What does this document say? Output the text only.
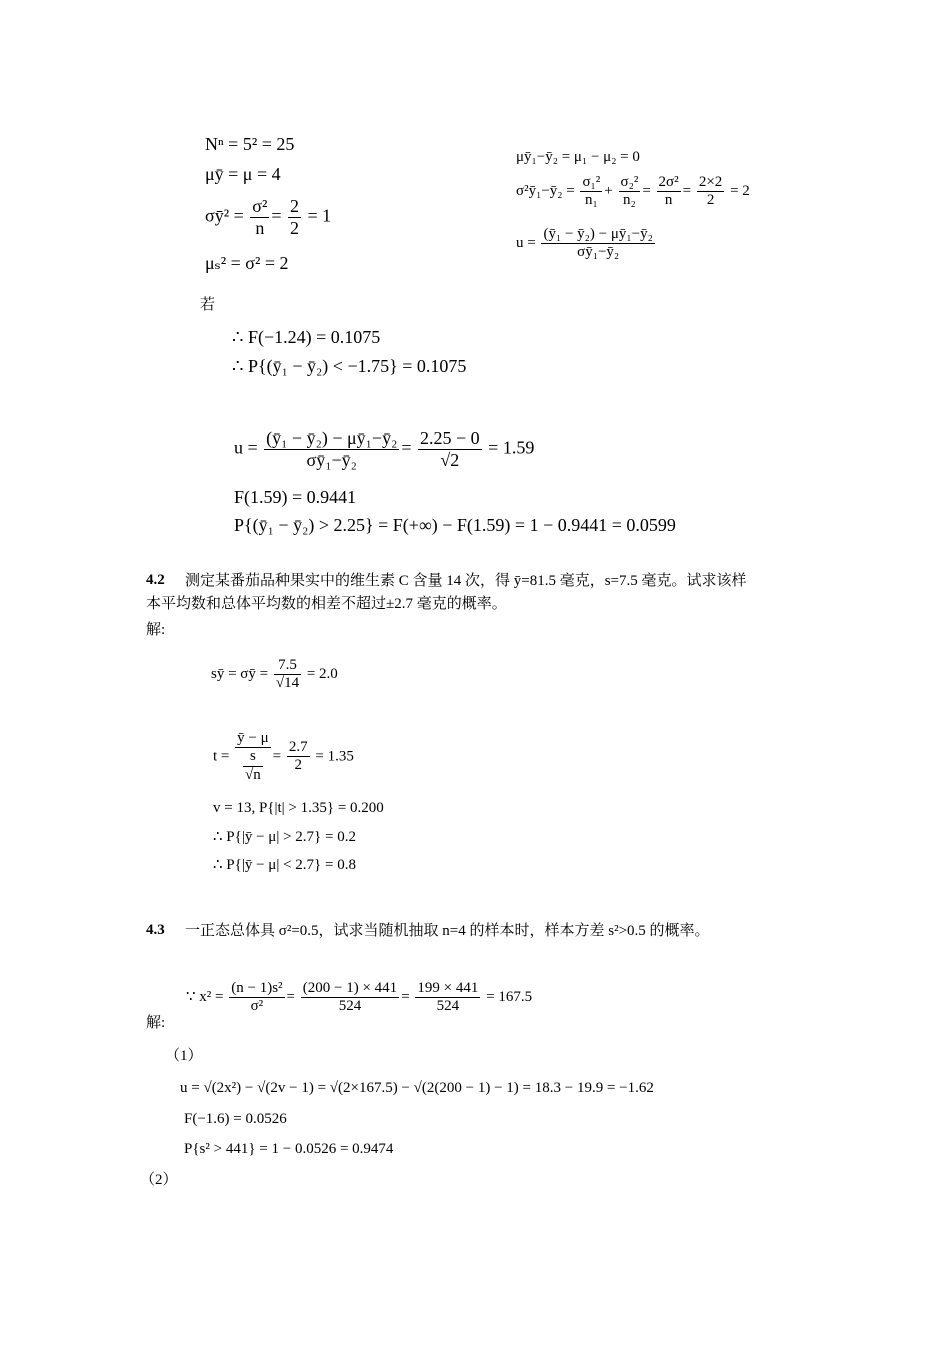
Nⁿ = 5² = 25
μȳ = μ = 4
σȳ² = $\frac{\text{σ²}}{n} = \frac{2}{2} = 1$
μₛ² = σ² = 2
μȳ₁−ȳ₂ = μ₁ − μ₂ = 0
σ²ȳ₁−ȳ₂ = $\frac{\text{σ₁²}}{\text{n₁}} + \frac{\text{σ₂²}}{\text{n₂}} = \frac{\text{2σ²}}{n} = \frac{2\times 2}{2} = 2$
$u = \frac{\text{(ȳ₁ − ȳ₂) − μȳ₁−ȳ₂}}{\text{σȳ₁−ȳ₂}}$
若
∴ F(−1.24) = 0.1075
∴ P{(ȳ₁ − ȳ₂) < −1.75} = 0.1075
$u = \frac{\text{(ȳ₁ − ȳ₂) − μȳ₁−ȳ₂}}{\text{σȳ₁−ȳ₂}} = \frac{2.25 - 0}{√2} = 1.59$
F(1.59) = 0.9441
P{(ȳ₁ − ȳ₂) > 2.25} = F(+∞) − F(1.59) = 1 − 0.9441 = 0.0599
4.2 测定某番茄品种果实中的维生素 C 含量 14 次，得 ȳ=81.5 毫克，s=7.5 毫克。试求该样
本平均数和总体平均数的相差不超过±2.7 毫克的概率。
解:
sȳ = σȳ = $\frac{7.5}{√14} = 2.0$
$t = \frac{ȳ - \mu}{\frac{s}{√n}} = \frac{2.7}{2} = 1.35$
v = 13, P{|t| > 1.35} = 0.200
∴ P{|ȳ − μ| > 2.7} = 0.2
∴ P{|ȳ − μ| < 2.7} = 0.8
4.3 一正态总体具 σ²=0.5，试求当随机抽取 n=4 的样本时，样本方差 s²>0.5 的概率。
解:
∵ $x^2 = \frac{\text{(n − 1)s²}}{\text{σ²}} = \frac{(200 - 1) \times 441}{524} = \frac{199 \times 441}{524} = 167.5$
（1）
u = √(2x²) − √(2v − 1) = √(2×167.5) − √(2(200 − 1) − 1) = 18.3 − 19.9 = −1.62
F(−1.6) = 0.0526
P{s² > 441} = 1 − 0.0526 = 0.9474
（2）
